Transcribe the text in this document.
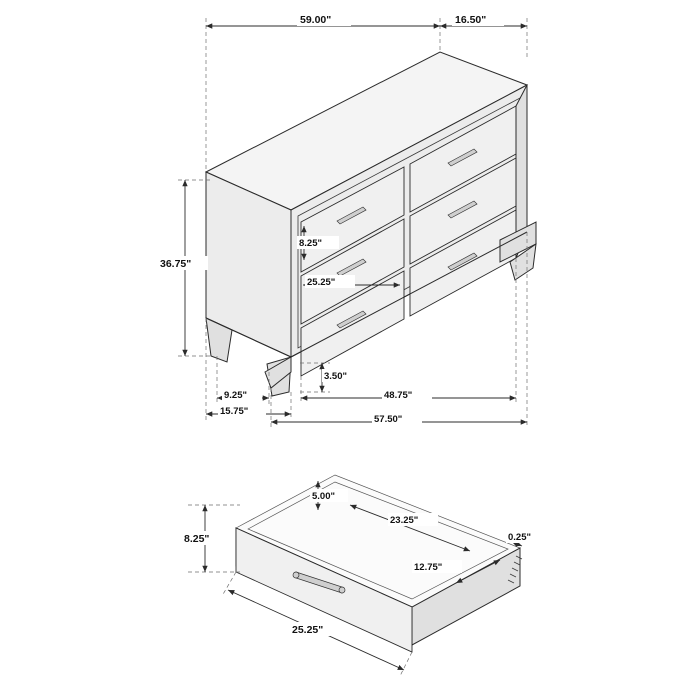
59.00"	16.50"
36.75"
8.25"
25.25"
3.50"
9.25"
15.75"
48.75"
57.50"
5.00"
23.25"
0.25"
12.75"
8.25"
25.25"
